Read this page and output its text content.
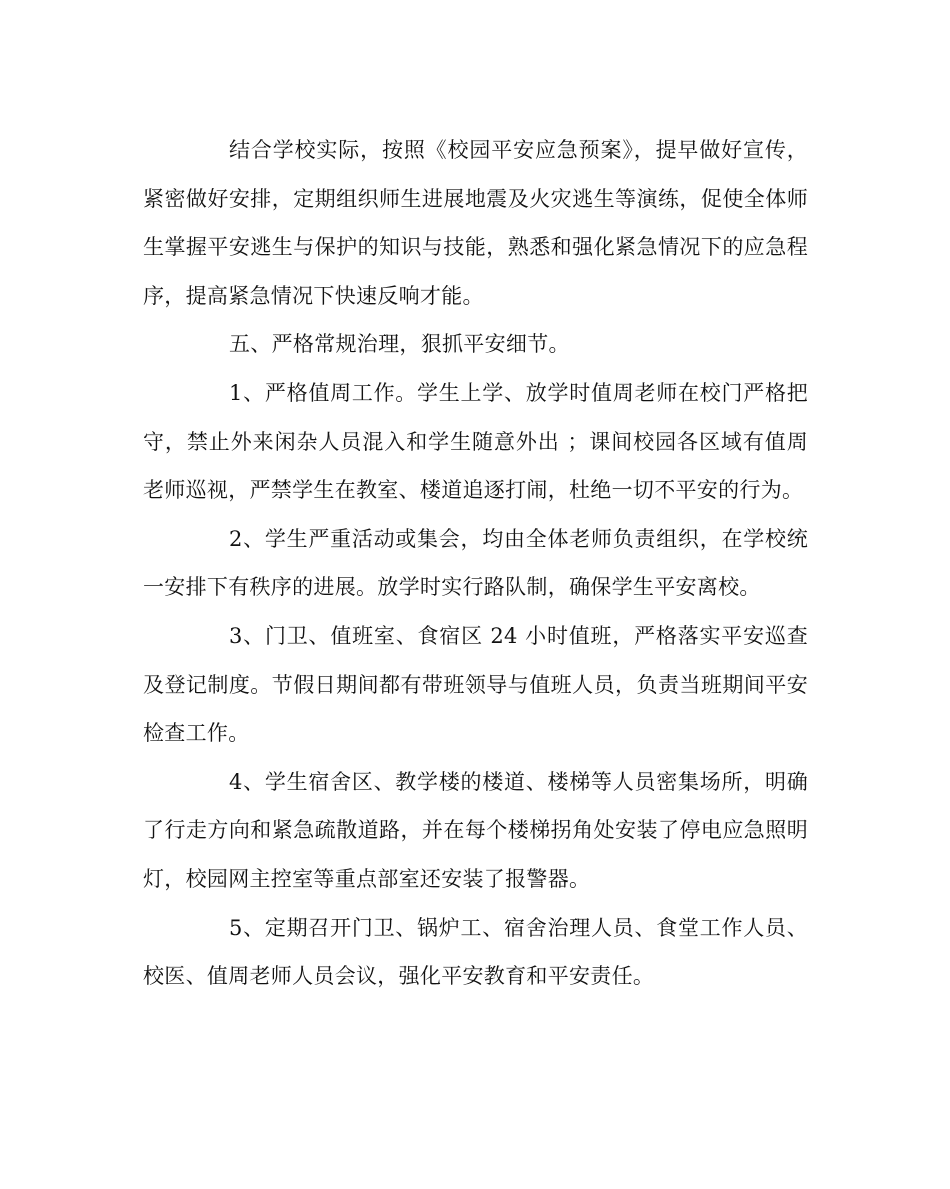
结合学校实际，按照《校园平安应急预案》，提早做好宣传，紧密做好安排，定期组织师生进展地震及火灾逃生等演练，促使全体师生掌握平安逃生与保护的知识与技能，熟悉和强化紧急情况下的应急程序，提高紧急情况下快速反响才能。

五、严格常规治理，狠抓平安细节。

1、严格值周工作。学生上学、放学时值周老师在校门严格把守，禁止外来闲杂人员混入和学生随意外出 ；课间校园各区域有值周老师巡视，严禁学生在教室、楼道追逐打闹，杜绝一切不平安的行为。

2、学生严重活动或集会，均由全体老师负责组织，在学校统一安排下有秩序的进展。放学时实行路队制，确保学生平安离校。

3、门卫、值班室、食宿区 24 小时值班，严格落实平安巡查及登记制度。节假日期间都有带班领导与值班人员，负责当班期间平安检查工作。

4、学生宿舍区、教学楼的楼道、楼梯等人员密集场所，明确了行走方向和紧急疏散道路，并在每个楼梯拐角处安装了停电应急照明灯，校园网主控室等重点部室还安装了报警器。

5、定期召开门卫、锅炉工、宿舍治理人员、食堂工作人员、校医、值周老师人员会议，强化平安教育和平安责任。
